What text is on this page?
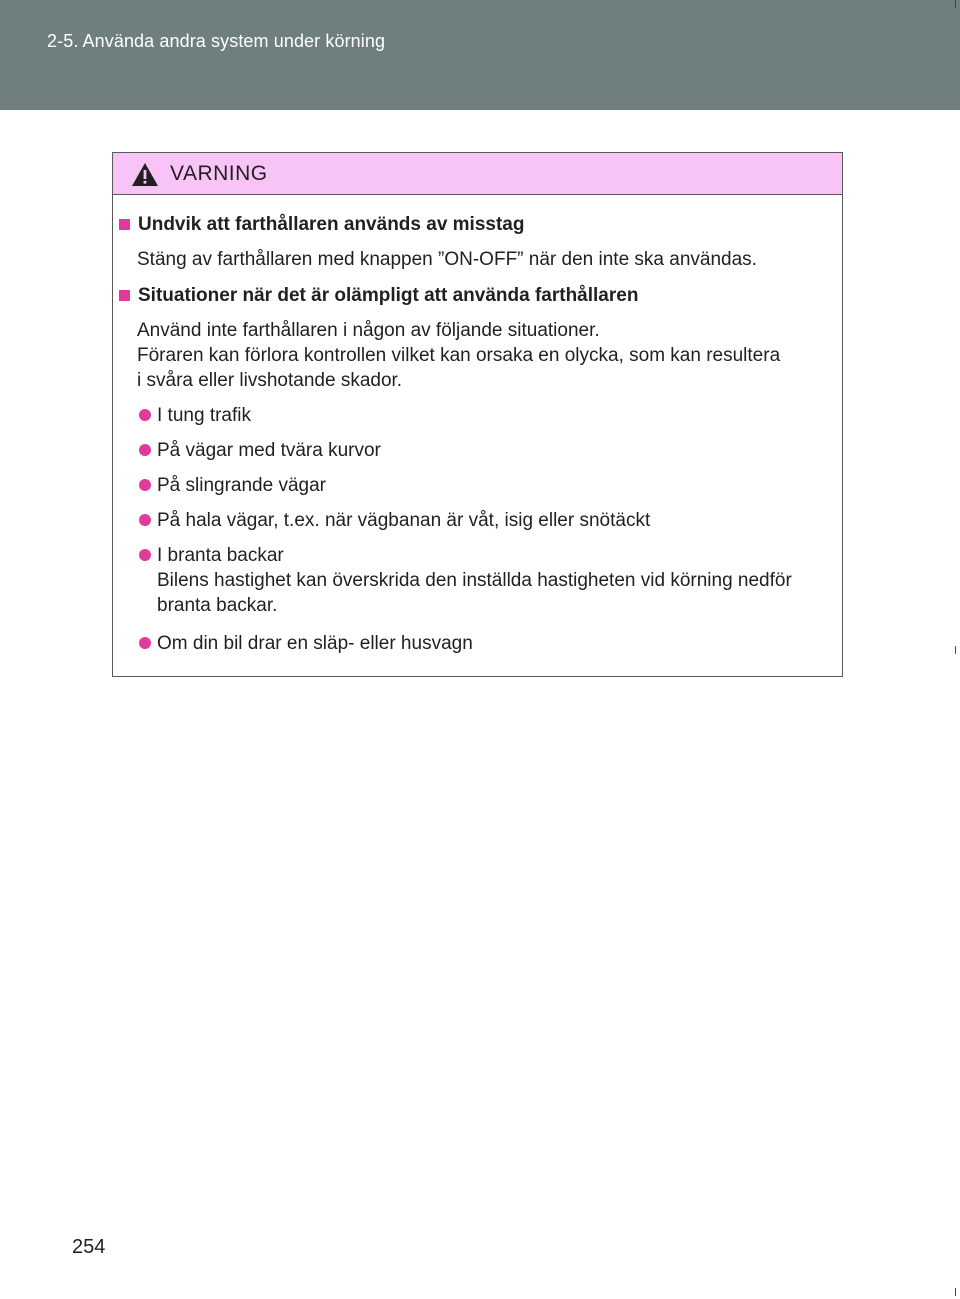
2-5. Använda andra system under körning
VARNING
Undvik att farthållaren används av misstag
Stäng av farthållaren med knappen ”ON-OFF” när den inte ska användas.
Situationer när det är olämpligt att använda farthållaren
Använd inte farthållaren i någon av följande situationer.
Föraren kan förlora kontrollen vilket kan orsaka en olycka, som kan resultera
i svåra eller livshotande skador.
I tung trafik
På vägar med tvära kurvor
På slingrande vägar
På hala vägar, t.ex. när vägbanan är våt, isig eller snötäckt
I branta backar
Bilens hastighet kan överskrida den inställda hastigheten vid körning nedför
branta backar.
Om din bil drar en släp- eller husvagn
254
